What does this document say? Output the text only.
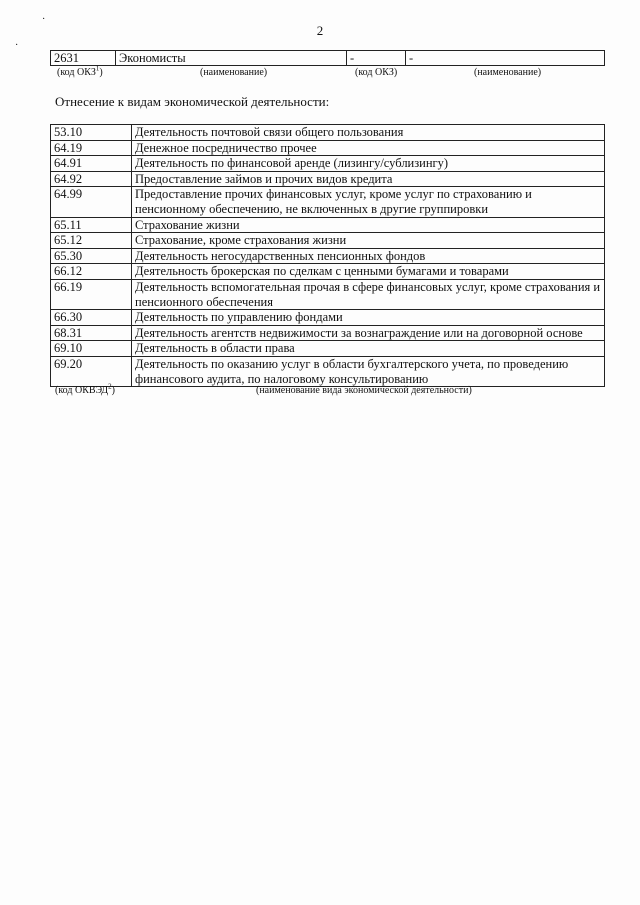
·
·
2
2631	Экономисты	-	-
(код ОКЗ$^1$)	(наименование)	(код ОКЗ)	(наименование)
Отнесение к видам экономической деятельности:
53.10	Деятельность почтовой связи общего пользования
64.19	Денежное посредничество прочее
64.91	Деятельность по финансовой аренде (лизингу/сублизингу)
64.92	Предоставление займов и прочих видов кредита
64.99	Предоставление прочих финансовых услуг, кроме услуг по страхованию и пенсионному обеспечению, не включенных в другие группировки
65.11	Страхование жизни
65.12	Страхование, кроме страхования жизни
65.30	Деятельность негосударственных пенсионных фондов
66.12	Деятельность брокерская по сделкам с ценными бумагами и товарами
66.19	Деятельность вспомогательная прочая в сфере финансовых услуг, кроме страхования и пенсионного обеспечения
66.30	Деятельность по управлению фондами
68.31	Деятельность агентств недвижимости за вознаграждение или на договорной основе
69.10	Деятельность в области права
69.20	Деятельность по оказанию услуг в области бухгалтерского учета, по проведению финансового аудита, по налоговому консультированию
(код ОКВЭД$^2$)	(наименование вида экономической деятельности)
